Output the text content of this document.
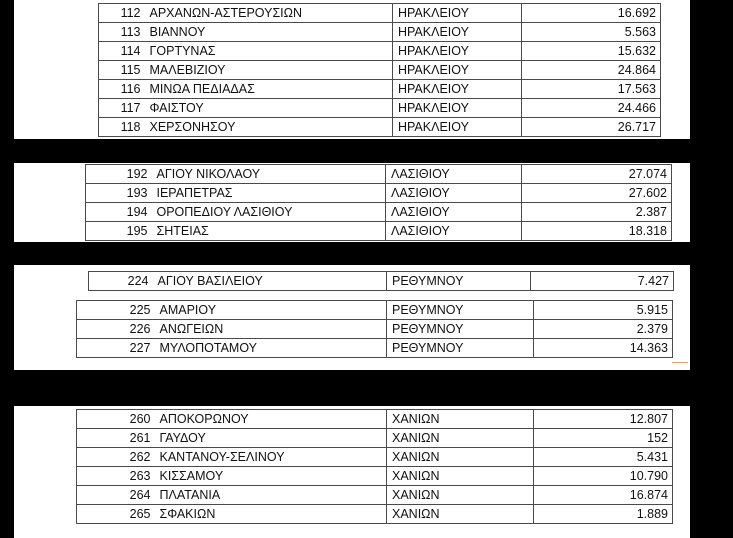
112	ΑΡΧΑΝΩΝ-ΑΣΤΕΡΟΥΣΙΩΝ	ΗΡΑΚΛΕΙΟΥ	16.692
113	ΒΙΑΝΝΟΥ	ΗΡΑΚΛΕΙΟΥ	5.563
114	ΓΟΡΤΥΝΑΣ	ΗΡΑΚΛΕΙΟΥ	15.632
115	ΜΑΛΕΒΙΖΙΟΥ	ΗΡΑΚΛΕΙΟΥ	24.864
116	ΜΙΝΩΑ ΠΕΔΙΑΔΑΣ	ΗΡΑΚΛΕΙΟΥ	17.563
117	ΦΑΙΣΤΟΥ	ΗΡΑΚΛΕΙΟΥ	24.466
118	ΧΕΡΣΟΝΗΣΟΥ	ΗΡΑΚΛΕΙΟΥ	26.717
192	ΑΓΙΟΥ ΝΙΚΟΛΑΟΥ	ΛΑΣΙΘΙΟΥ	27.074
193	ΙΕΡΑΠΕΤΡΑΣ	ΛΑΣΙΘΙΟΥ	27.602
194	ΟΡΟΠΕΔΙΟΥ ΛΑΣΙΘΙΟΥ	ΛΑΣΙΘΙΟΥ	2.387
195	ΣΗΤΕΙΑΣ	ΛΑΣΙΘΙΟΥ	18.318
224	ΑΓΙΟΥ ΒΑΣΙΛΕΙΟΥ	ΡΕΘΥΜΝΟΥ	7.427
225	ΑΜΑΡΙΟΥ	ΡΕΘΥΜΝΟΥ	5.915
226	ΑΝΩΓΕΙΩΝ	ΡΕΘΥΜΝΟΥ	2.379
227	ΜΥΛΟΠΟΤΑΜΟΥ	ΡΕΘΥΜΝΟΥ	14.363
260	ΑΠΟΚΟΡΩΝΟΥ	ΧΑΝΙΩΝ	12.807
261	ΓΑΥΔΟΥ	ΧΑΝΙΩΝ	152
262	ΚΑΝΤΑΝΟΥ-ΣΕΛΙΝΟΥ	ΧΑΝΙΩΝ	5.431
263	ΚΙΣΣΑΜΟΥ	ΧΑΝΙΩΝ	10.790
264	ΠΛΑΤΑΝΙΑ	ΧΑΝΙΩΝ	16.874
265	ΣΦΑΚΙΩΝ	ΧΑΝΙΩΝ	1.889
